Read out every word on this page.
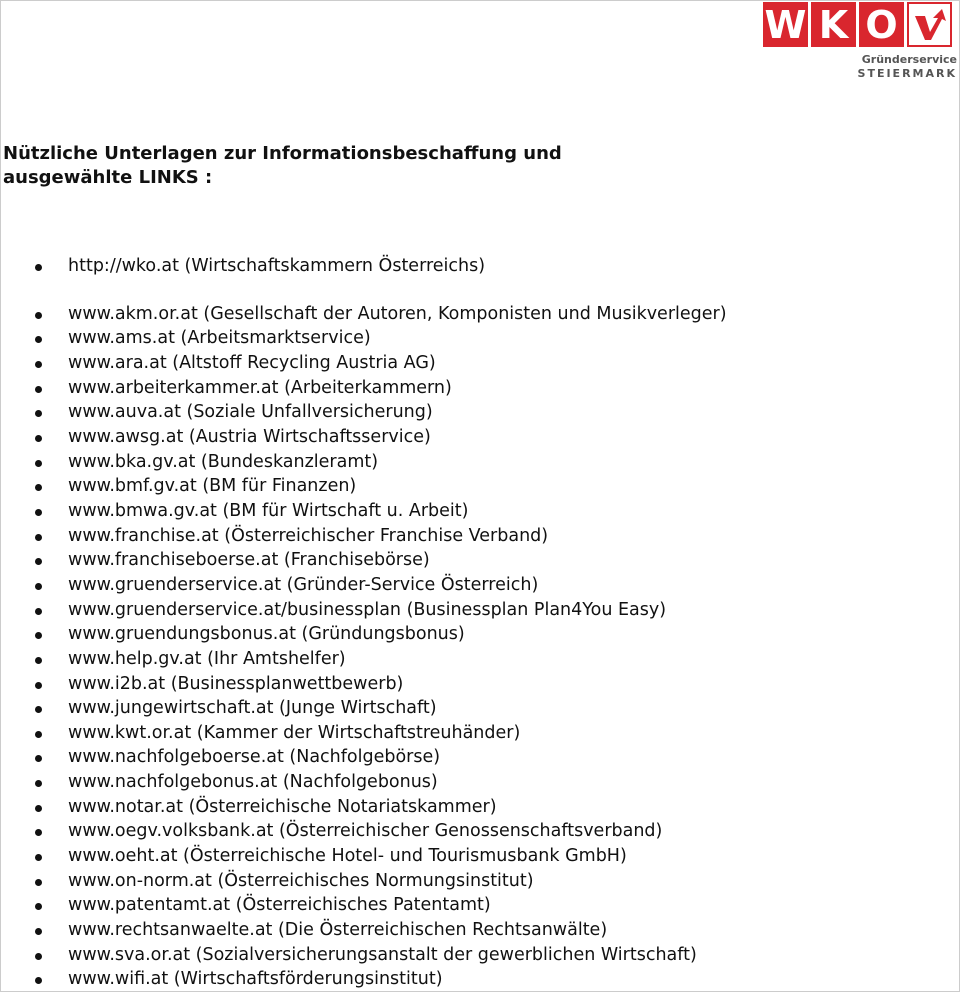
W K O
Gründerservice
STEIERMARK
Nützliche Unterlagen zur Informationsbeschaffung und
ausgewählte LINKS :
http://wko.at (Wirtschaftskammern Österreichs)
www.akm.or.at (Gesellschaft der Autoren, Komponisten und Musikverleger)
www.ams.at (Arbeitsmarktservice)
www.ara.at (Altstoff Recycling Austria AG)
www.arbeiterkammer.at (Arbeiterkammern)
www.auva.at (Soziale Unfallversicherung)
www.awsg.at (Austria Wirtschaftsservice)
www.bka.gv.at (Bundeskanzleramt)
www.bmf.gv.at (BM für Finanzen)
www.bmwa.gv.at (BM für Wirtschaft u. Arbeit)
www.franchise.at (Österreichischer Franchise Verband)
www.franchiseboerse.at (Franchisebörse)
www.gruenderservice.at (Gründer-Service Österreich)
www.gruenderservice.at/businessplan (Businessplan Plan4You Easy)
www.gruendungsbonus.at (Gründungsbonus)
www.help.gv.at (Ihr Amtshelfer)
www.i2b.at (Businessplanwettbewerb)
www.jungewirtschaft.at (Junge Wirtschaft)
www.kwt.or.at (Kammer der Wirtschaftstreuhänder)
www.nachfolgeboerse.at (Nachfolgebörse)
www.nachfolgebonus.at (Nachfolgebonus)
www.notar.at (Österreichische Notariatskammer)
www.oegv.volksbank.at (Österreichischer Genossenschaftsverband)
www.oeht.at (Österreichische Hotel- und Tourismusbank GmbH)
www.on-norm.at (Österreichisches Normungsinstitut)
www.patentamt.at (Österreichisches Patentamt)
www.rechtsanwaelte.at (Die Österreichischen Rechtsanwälte)
www.sva.or.at (Sozialversicherungsanstalt der gewerblichen Wirtschaft)
www.wifi.at (Wirtschaftsförderungsinstitut)
